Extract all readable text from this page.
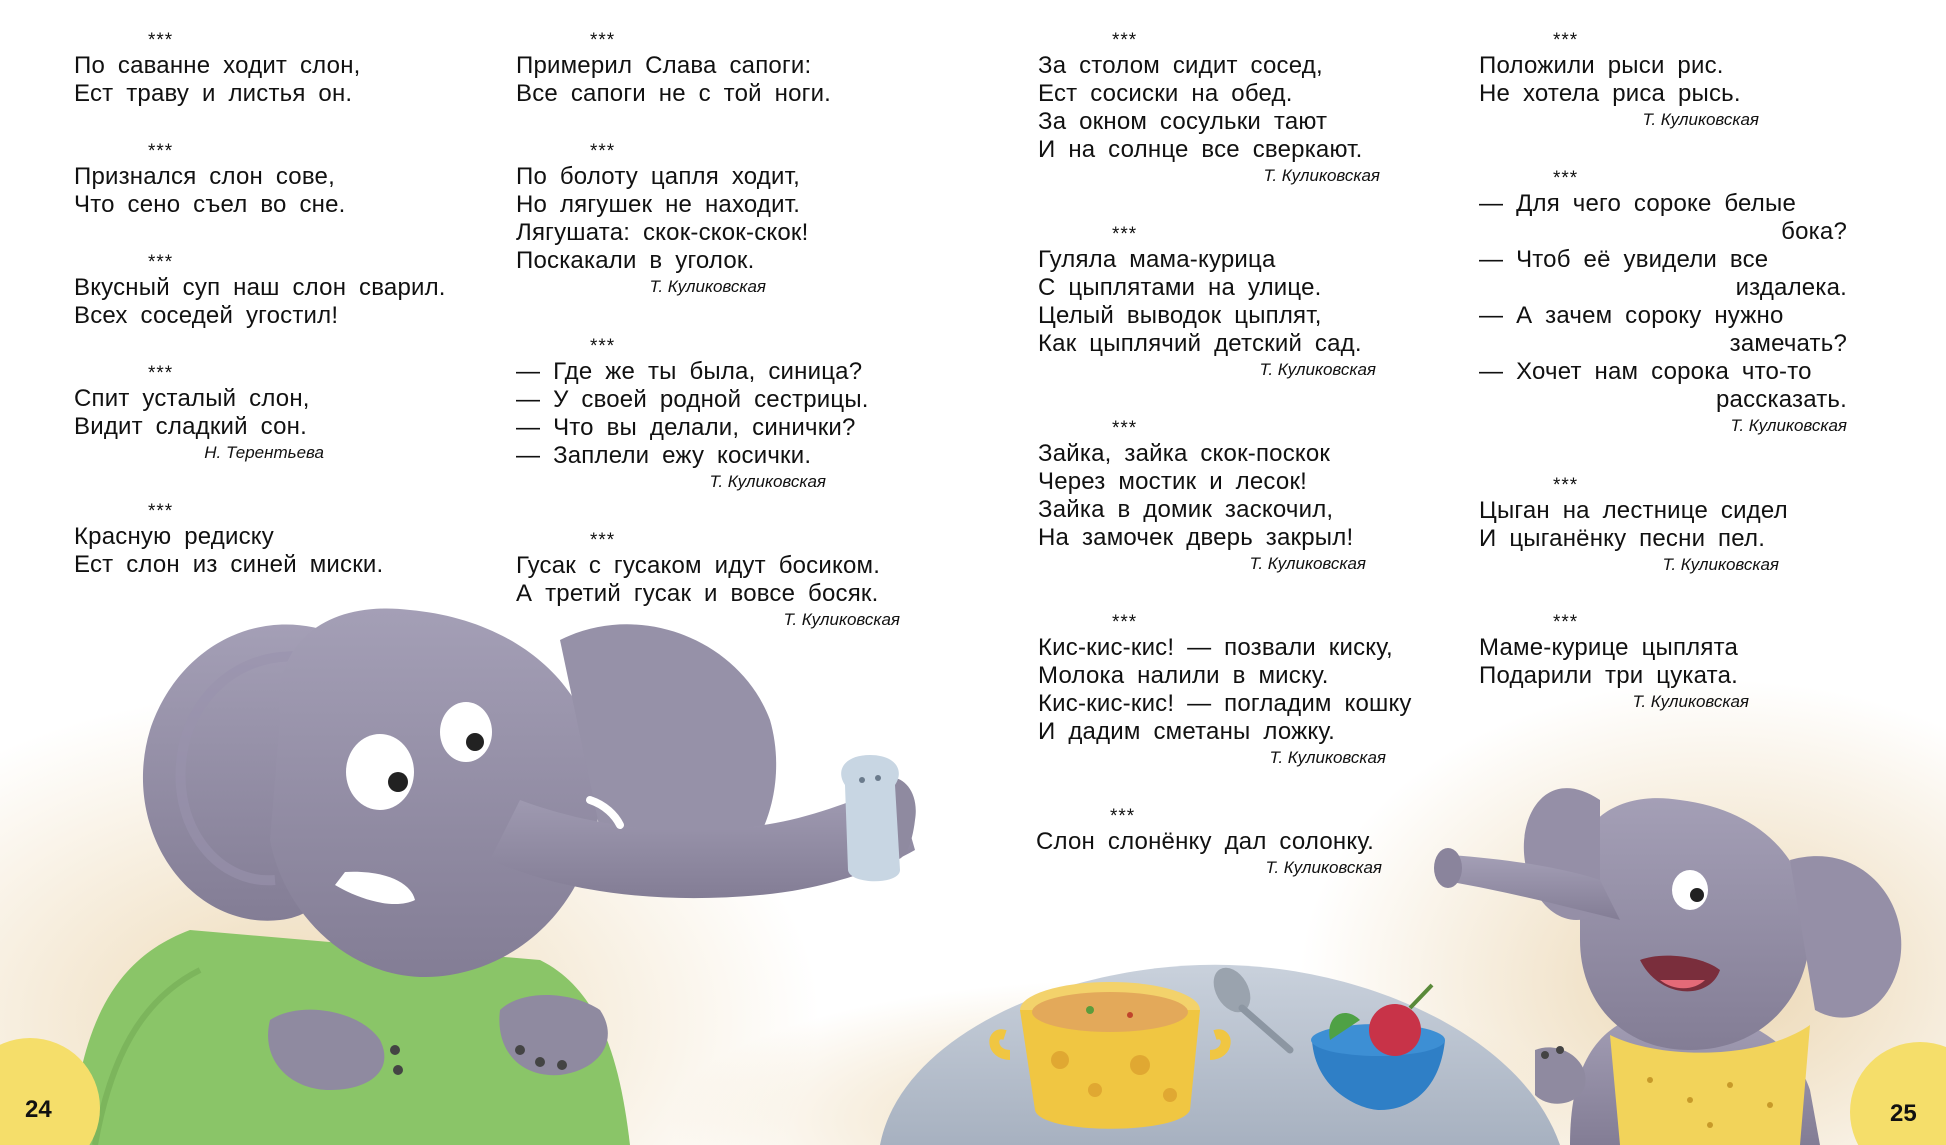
***
По саванне ходит слон,
Ест траву и листья он.
***
Признался слон сове,
Что сено съел во сне.
***
Вкусный суп наш слон сварил.
Всех соседей угостил!
***
Спит усталый слон,
Видит сладкий сон.
Н. Терентьева
***
Красную редиску
Ест слон из синей миски.
***
Примерил Слава сапоги:
Все сапоги не с той ноги.
***
По болоту цапля ходит,
Но лягушек не находит.
Лягушата: скок-скок-скок!
Поскакали в уголок.
Т. Куликовская
***
— Где же ты была, синица?
— У своей родной сестрицы.
— Что вы делали, синички?
— Заплели ежу косички.
Т. Куликовская
***
Гусак с гусаком идут босиком.
А третий гусак и вовсе босяк.
Т. Куликовская
***
За столом сидит сосед,
Ест сосиски на обед.
За окном сосульки тают
И на солнце все сверкают.
Т. Куликовская
***
Гуляла мама-курица
С цыплятами на улице.
Целый выводок цыплят,
Как цыплячий детский сад.
Т. Куликовская
***
Зайка, зайка скок-поскок
Через мостик и лесок!
Зайка в домик заскочил,
На замочек дверь закрыл!
Т. Куликовская
***
Кис-кис-кис! — позвали киску,
Молока налили в миску.
Кис-кис-кис! — погладим кошку
И дадим сметаны ложку.
Т. Куликовская
***
Слон слонёнку дал солонку.
Т. Куликовская
***
Положили рыси рис.
Не хотела риса рысь.
Т. Куликовская
***
— Для чего сороке белые
бока?
— Чтоб её увидели все
издалека.
— А зачем сороку нужно
замечать?
— Хочет нам сорока что-то
рассказать.
Т. Куликовская
***
Цыган на лестнице сидел
И цыганёнку песни пел.
Т. Куликовская
***
Маме-курице цыплята
Подарили три цуката.
Т. Куликовская
24	25
